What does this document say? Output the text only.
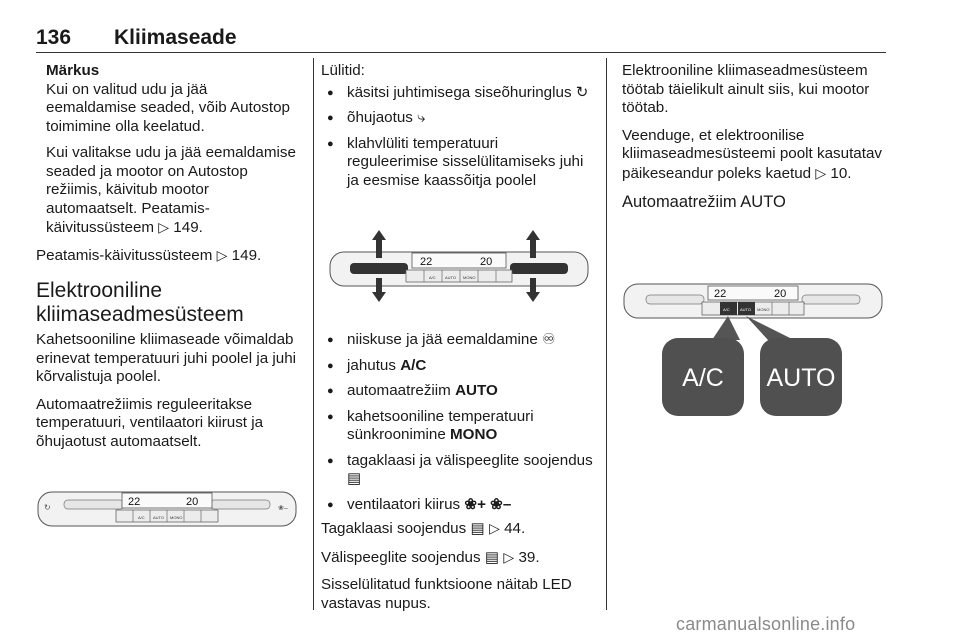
136 Kliimaseade

Märkus

Kui on valitud udu ja jää eemaldamise seaded, võib Autostop toimimine olla keelatud.

Kui valitakse udu ja jää eemaldamise seaded ja mootor on Autostop režiimis, käivitub mootor automaatselt. Peatamis-käivitussüsteem ▷ 149.

Peatamis-käivitussüsteem ▷ 149.

Elektrooniline kliimaseadmesüsteem

Kahetsooniline kliimaseade võimaldab erinevat temperatuuri juhi poolel ja juhi kõrvalistuja poolel.

Automaatrežiimis reguleeritakse temperatuuri, ventilaatori kiirust ja õhujaotust automaatselt.

22	20
A/C AUTO MONO
↻	❀–

Lülitid:

● käsitsi juhtimisega siseõhuringlus ↻
● õhujaotus ⤷
● klahvlüliti temperatuuri reguleerimise sisselülitamiseks juhi ja eesmise kaassõitja poolel
22	20
A/C AUTO MONO
● niiskuse ja jää eemaldamine ♾
● jahutus A/C
● automaatrežiim AUTO
● kahetsooniline temperatuuri sünkroonimine MONO
● tagaklaasi ja välispeeglite soojendus ▤
● ventilaatori kiirus ❀+ ❀–

Tagaklaasi soojendus ▤ ▷ 44.

Välispeeglite soojendus ▤ ▷ 39.

Sisselülitatud funktsioone näitab LED vastavas nupus.

Elektrooniline kliimaseadmesüsteem töötab täielikult ainult siis, kui mootor töötab.

Veenduge, et elektroonilise kliimaseadmesüsteemi poolt kasutatav päikeseandur poleks kaetud ▷ 10.

Automaatrežiim AUTO
22	20
A/C	AUTO MONO
A/C AUTO
carmanualsonline.info
